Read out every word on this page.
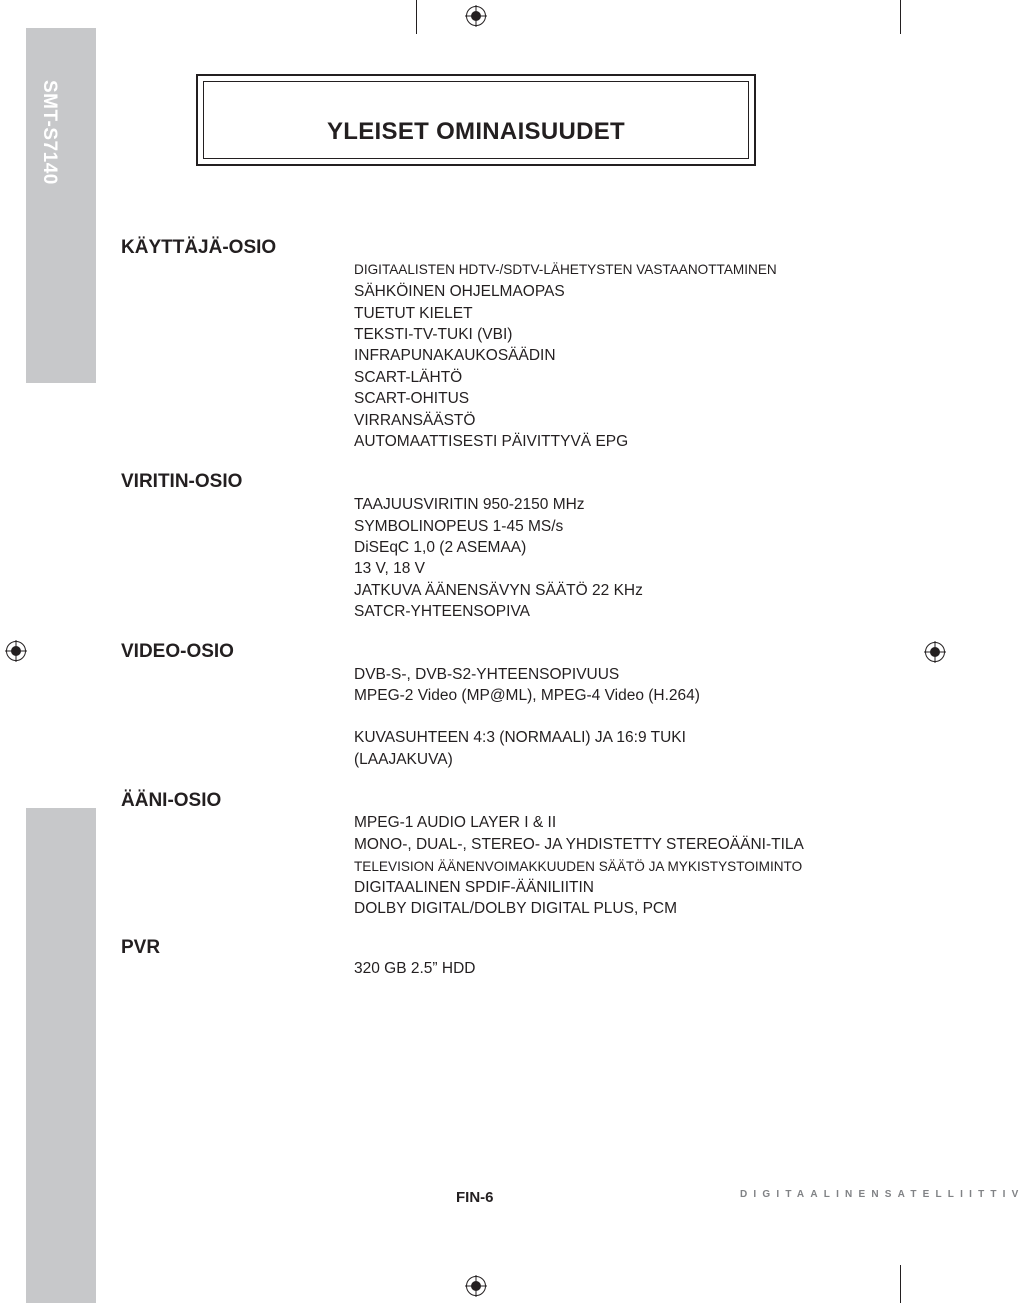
SMT-S7140	YLEISET OMINAISUUDET
KÄYTTÄJÄ-OSIO
VIRITIN-OSIO
VIDEO-OSIO
ÄÄNI-OSIO
PVR
DIGITAALISTEN HDTV-/SDTV-LÄHETYSTEN VASTAANOTTAMINEN
SÄHKÖINEN OHJELMAOPAS
TUETUT KIELET
TEKSTI-TV-TUKI (VBI)
INFRAPUNAKAUKOSÄÄDIN
SCART-LÄHTÖ
SCART-OHITUS
VIRRANSÄÄSTÖ
AUTOMAATTISESTI PÄIVITTYVÄ EPG
TAAJUUSVIRITIN 950-2150 MHz
SYMBOLINOPEUS 1-45 MS/s
DiSEqC 1,0 (2 ASEMAA)
13 V, 18 V
JATKUVA ÄÄNENSÄVYN SÄÄTÖ 22 KHz
SATCR-YHTEENSOPIVA
DVB-S-, DVB-S2-YHTEENSOPIVUUS
MPEG-2 Video (MP@ML), MPEG-4 Video (H.264)
KUVASUHTEEN 4:3 (NORMAALI) JA 16:9 TUKI
(LAAJAKUVA)
MPEG-1 AUDIO LAYER I & II
MONO-, DUAL-, STEREO- JA YHDISTETTY STEREOÄÄNI-TILA
TELEVISION ÄÄNENVOIMAKKUUDEN SÄÄTÖ JA MYKISTYSTOIMINTO
DIGITAALINEN SPDIF-ÄÄNILIITIN
DOLBY DIGITAL/DOLBY DIGITAL PLUS, PCM
320 GB 2.5” HDD
FIN-6	DIGITAALINENSATELLIITTIV
